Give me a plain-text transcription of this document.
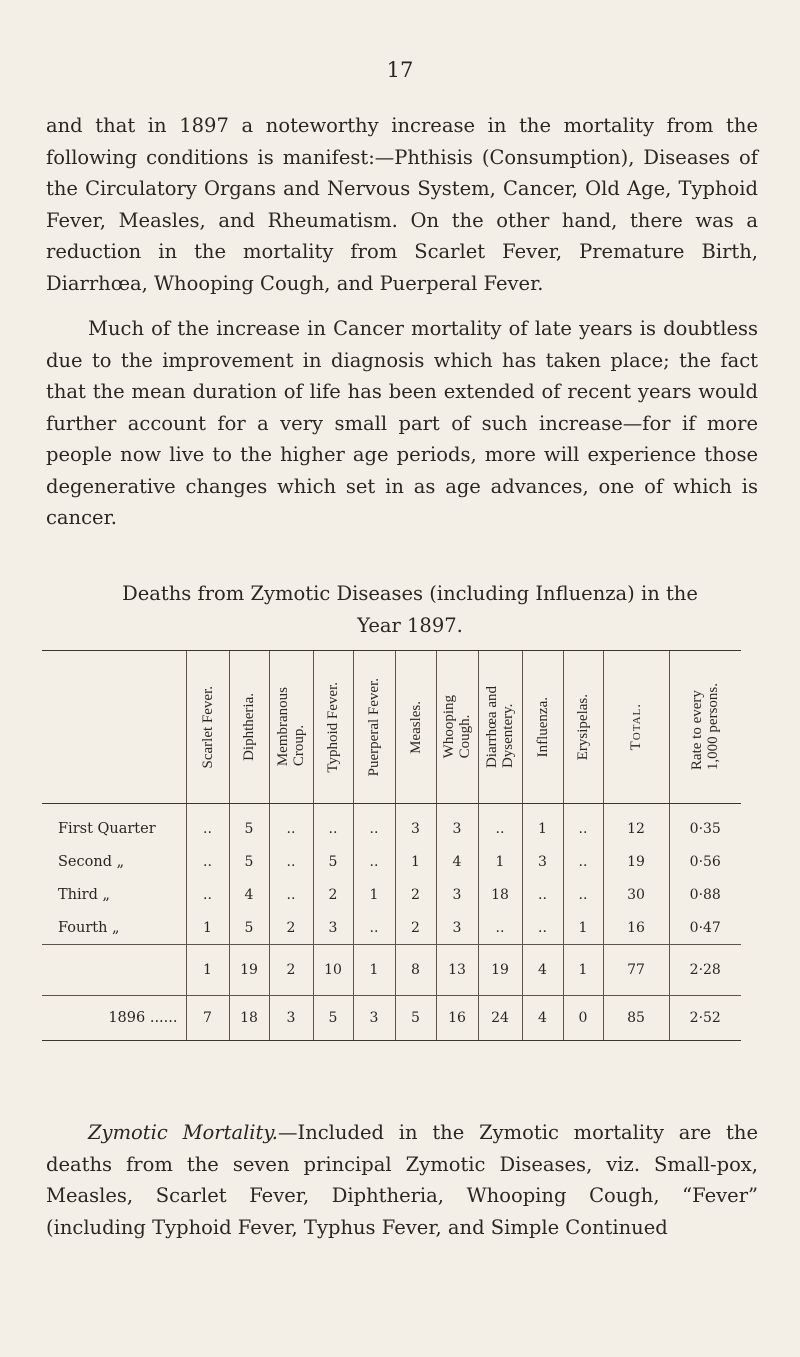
17

and that in 1897 a noteworthy increase in the mortality from the following conditions is manifest:—Phthisis (Consumption), Diseases of the Circulatory Organs and Nervous System, Cancer, Old Age, Typhoid Fever, Measles, and Rheumatism. On the other hand, there was a reduction in the mortality from Scarlet Fever, Premature Birth, Diarrhœa, Whooping Cough, and Puerperal Fever.

Much of the increase in Cancer mortality of late years is doubtless due to the improvement in diagnosis which has taken place; the fact that the mean duration of life has been extended of recent years would further account for a very small part of such increase—for if more people now live to the higher age periods, more will experience those degenerative changes which set in as age advances, one of which is cancer.

Deaths from Zymotic Diseases (including Influenza) in the
Year 1897.

	Scarlet Fever.	Diphtheria.	Membranous
Croup.	Typhoid Fever.	Puerperal Fever.	Measles.	Whooping
Cough.	Diarrhœa and
Dysentery.	Influenza.	Erysipelas.	Total.	Rate to every
1,000 persons.

First Quarter	..	5	..	..	..	3	3	..	1	..	12	0·35
Second „	..	5	..	5	..	1	4	1	3	..	19	0·56
Third „	..	4	..	2	1	2	3	18	..	..	30	0·88
Fourth „	1	5	2	3	..	2	3	..	..	1	16	0·47
	1	19	2	10	1	8	13	19	4	1	77	2·28
1896 ......	7	18	3	5	3	5	16	24	4	0	85	2·52

Zymotic Mortality.—Included in the Zymotic mortality are the deaths from the seven principal Zymotic Diseases, viz. Small-pox, Measles, Scarlet Fever, Diphtheria, Whooping Cough, “Fever” (including Typhoid Fever, Typhus Fever, and Simple Continued
